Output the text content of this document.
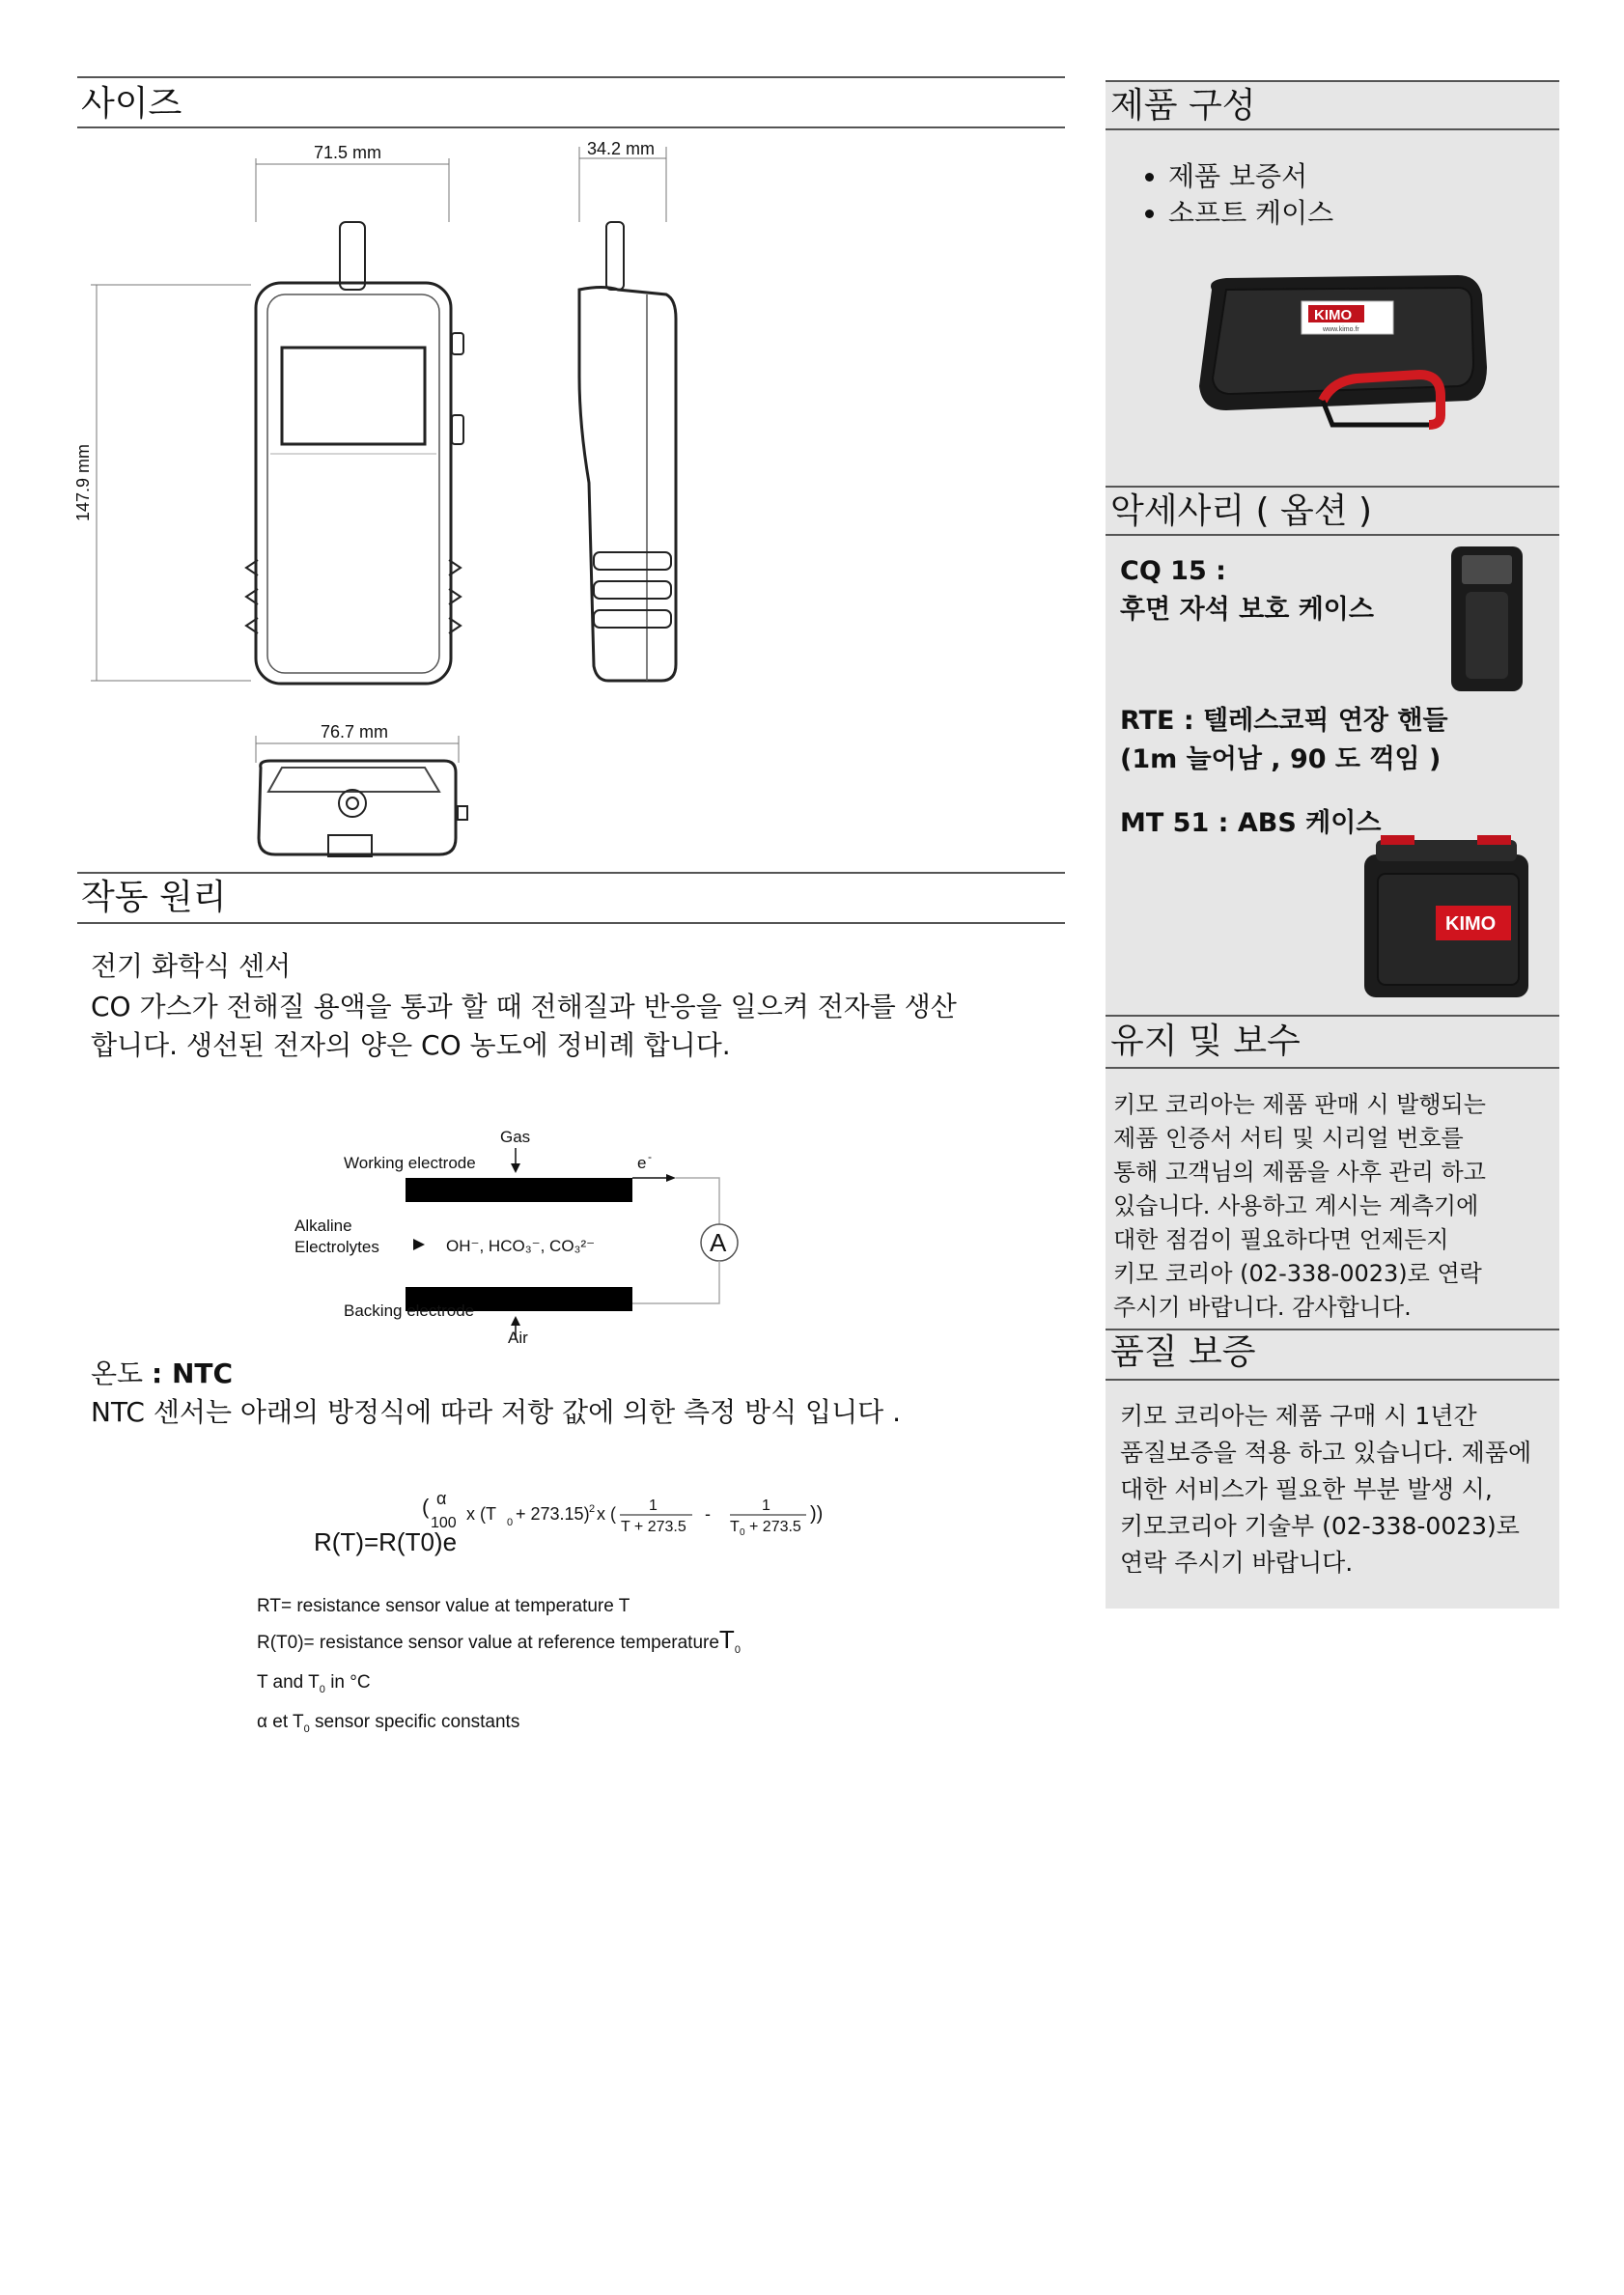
사이즈
71.5 mm	34.2 mm
147.9 mm
76.7 mm
작동 원리
전기 화학식 센서
CO 가스가 전해질 용액을 통과 할 때 전해질과 반응을 일으켜 전자를 생산
합니다. 생선된 전자의 양은 CO 농도에 정비례 합니다.
Gas
Working electrode	e -
A
Alkaline
Electrolytes	OH⁻, HCO₃⁻, CO₃²⁻
Backing electrode
Air
온도 : NTC
NTC 센서는 아래의 방정식에 따라 저항 값에 의한 측정 방식 입니다 .
R(T)=R(T0)e
( α
100 x (T 0 + 273.15) 2 x ( 1
T + 273.5
-	1
T 0 + 273.5
))
RT= resistance sensor value at temperature T
R(T0)= resistance sensor value at reference temperatureT$_0$
T and $T_0$ in °C
α et $T_0$ sensor specific constants
제품 구성
• 제품 보증서
• 소프트 케이스
KIMO
www.kimo.fr
악세사리 ( 옵션 )
CQ 15 :
후면 자석 보호 케이스
RTE : 텔레스코픽 연장 핸들
(1m 늘어남 , 90 도 꺽임 )
MT 51 : ABS 케이스
KIMO
유지 및 보수
키모 코리아는 제품 판매 시 발행되는
제품 인증서 서티 및 시리얼 번호를
통해 고객님의 제품을 사후 관리 하고
있습니다. 사용하고 계시는 계측기에
대한 점검이 필요하다면 언제든지
키모 코리아 (02-338-0023)로 연락
주시기 바랍니다. 감사합니다.
품질 보증
키모 코리아는 제품 구매 시 1년간
품질보증을 적용 하고 있습니다. 제품에
대한 서비스가 필요한 부분 발생 시,
키모코리아 기술부 (02-338-0023)로
연락 주시기 바랍니다.
